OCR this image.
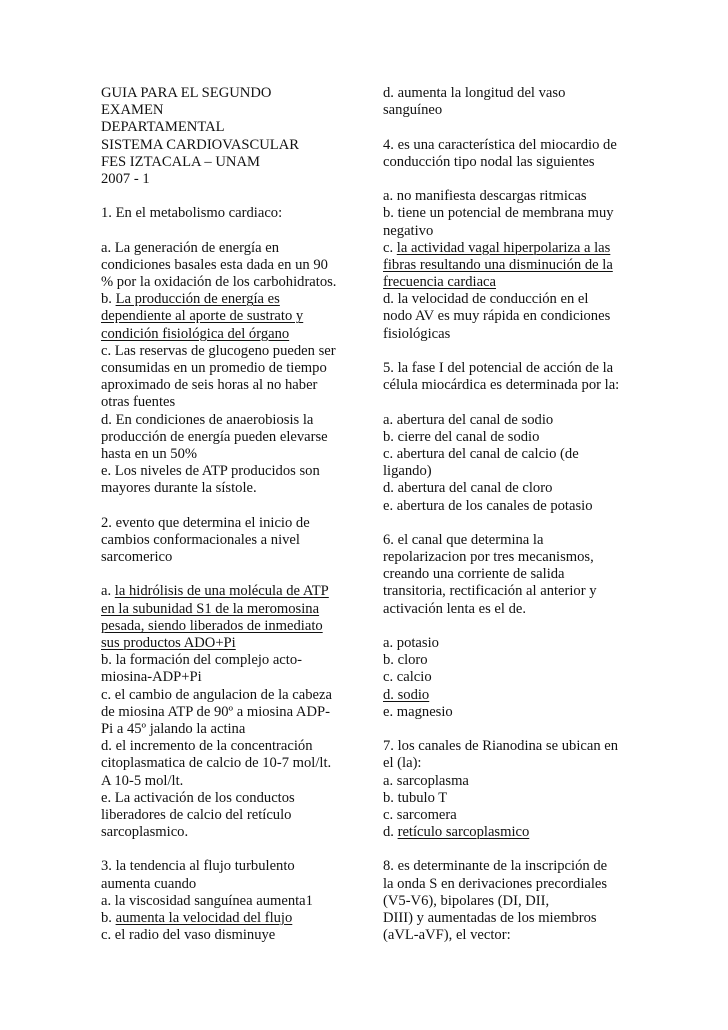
GUIA PARA EL SEGUNDO
EXAMEN
DEPARTAMENTAL
SISTEMA CARDIOVASCULAR
FES IZTACALA – UNAM
2007 - 1
1. En el metabolismo cardiaco:
a. La generación de energía en
condiciones basales esta dada en un 90
% por la oxidación de los carbohidratos.
b. La producción de energía es
dependiente al aporte de sustrato y
condición fisiológica del órgano
c. Las reservas de glucogeno pueden ser
consumidas en un promedio de tiempo
aproximado de seis horas al no haber
otras fuentes
d. En condiciones de anaerobiosis la
producción de energía pueden elevarse
hasta en un 50%
e. Los niveles de ATP producidos son
mayores durante la sístole.
2. evento que determina el inicio de
cambios conformacionales a nivel
sarcomerico
a. la hidrólisis de una molécula de ATP
en la subunidad S1 de la meromosina
pesada, siendo liberados de inmediato
sus productos ADO+Pi
b. la formación del complejo acto-
miosina-ADP+Pi
c. el cambio de angulacion de la cabeza
de miosina ATP de 90º a miosina ADP-
Pi a 45º jalando la actina
d. el incremento de la concentración
citoplasmatica de calcio de 10-7 mol/lt.
A 10-5 mol/lt.
e. La activación de los conductos
liberadores de calcio del retículo
sarcoplasmico.
3. la tendencia al flujo turbulento
aumenta cuando
a. la viscosidad sanguínea aumenta1
b. aumenta la velocidad del flujo
c. el radio del vaso disminuye
d. aumenta la longitud del vaso
sanguíneo
4. es una característica del miocardio de
conducción tipo nodal las siguientes
a. no manifiesta descargas ritmicas
b. tiene un potencial de membrana muy
negativo
c. la actividad vagal hiperpolariza a las
fibras resultando una disminución de la
frecuencia cardiaca
d. la velocidad de conducción en el
nodo AV es muy rápida en condiciones
fisiológicas
5. la fase I del potencial de acción de la
célula miocárdica es determinada por la:
a. abertura del canal de sodio
b. cierre del canal de sodio
c. abertura del canal de calcio (de
ligando)
d. abertura del canal de cloro
e. abertura de los canales de potasio
6. el canal que determina la
repolarizacion por tres mecanismos,
creando una corriente de salida
transitoria, rectificación al anterior y
activación lenta es el de.
a. potasio
b. cloro
c. calcio
d. sodio
e. magnesio
7. los canales de Rianodina se ubican en
el (la):
a. sarcoplasma
b. tubulo T
c. sarcomera
d. retículo sarcoplasmico
8. es determinante de la inscripción de
la onda S en derivaciones precordiales
(V5-V6), bipolares (DI, DII,
DIII) y aumentadas de los miembros
(aVL-aVF), el vector:
